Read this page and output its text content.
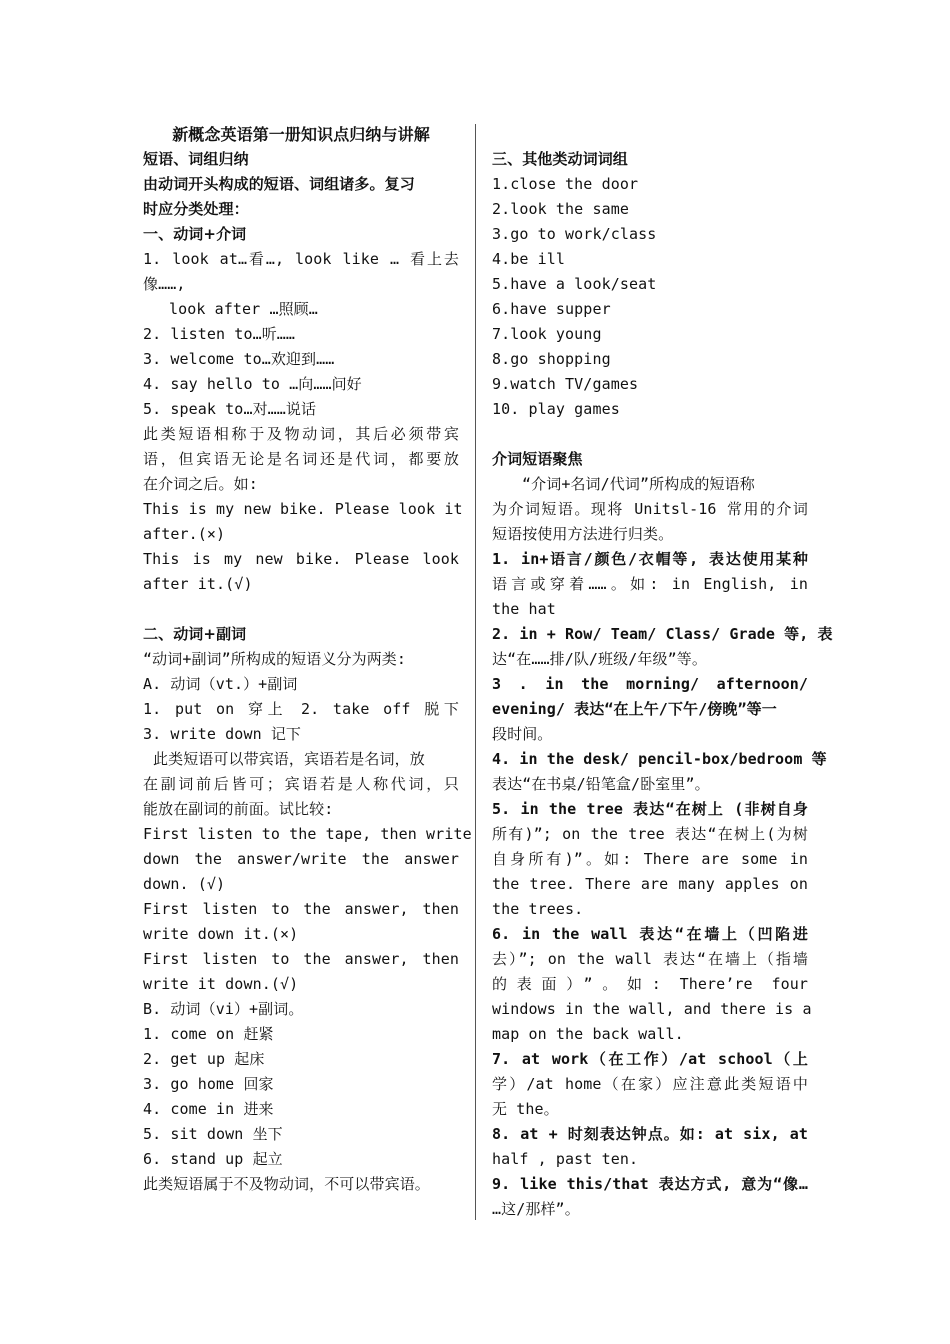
新概念英语第一册知识点归纳与讲解
短语、词组归纳
由动词开头构成的短语、词组诸多。复习
时应分类处理：
一、动词+介词
1. look at…看…, look like … 看上去
像……,
look after …照顾…
2. listen to…听……
3. welcome to…欢迎到……
4. say hello to …向……问好
5. speak to…对……说话
此类短语相称于及物动词，其后必须带宾
语，但宾语无论是名词还是代词，都要放
在介词之后。如:
This is my new bike. Please look it
after.(×)
This is my new bike. Please look
after it.(√)
二、动词+副词
“动词+副词”所构成的短语义分为两类:
A. 动词（vt.）+副词
1. put on 穿上 2. take off 脱下
3. write down 记下
此类短语可以带宾语，宾语若是名词，放
在副词前后皆可；宾语若是人称代词，只
能放在副词的前面。试比较:
First listen to the tape, then write
down the answer/write the answer
down. (√)
First listen to the answer, then
write down it.(×)
First listen to the answer, then
write it down.(√)
B. 动词（vi）+副词。
1. come on 赶紧
2. get up 起床
3. go home 回家
4. come in 进来
5. sit down 坐下
6. stand up 起立
此类短语属于不及物动词，不可以带宾语。
三、其他类动词词组
1.close the door
2.look the same
3.go to work/class
4.be ill
5.have a look/seat
6.have supper
7.look young
8.go shopping
9.watch TV/games
10. play games
介词短语聚焦
“介词+名词/代词”所构成的短语称
为介词短语。现将 Unitsl-16 常用的介词
短语按使用方法进行归类。
1. in+语言/颜色/衣帽等, 表达使用某种
语言或穿着……。如: in English, in
the hat
2. in + Row/ Team/ Class/ Grade 等, 表
达“在……排/队/班级/年级”等。
3 . in the morning/ afternoon/
evening/ 表达“在上午/下午/傍晚”等一
段时间。
4. in the desk/ pencil-box/bedroom 等
表达“在书桌/铅笔盒/卧室里”。
5. in the tree 表达“在树上 (非树自身
所有)”; on the tree 表达“在树上(为树
自身所有)”。如: There are some in
the tree. There are many apples on
the trees.
6. in the wall 表达“在墙上（凹陷进
去）”; on the wall 表达“在墙上（指墙
的表面）”。如: There’re four
windows in the wall, and there is a
map on the back wall.
7. at work（在工作）/at school（上
学）/at home（在家）应注意此类短语中
无 the。
8. at + 时刻表达钟点。如: at six, at
half , past ten.
9. like this/that 表达方式, 意为“像…
…这/那样”。
